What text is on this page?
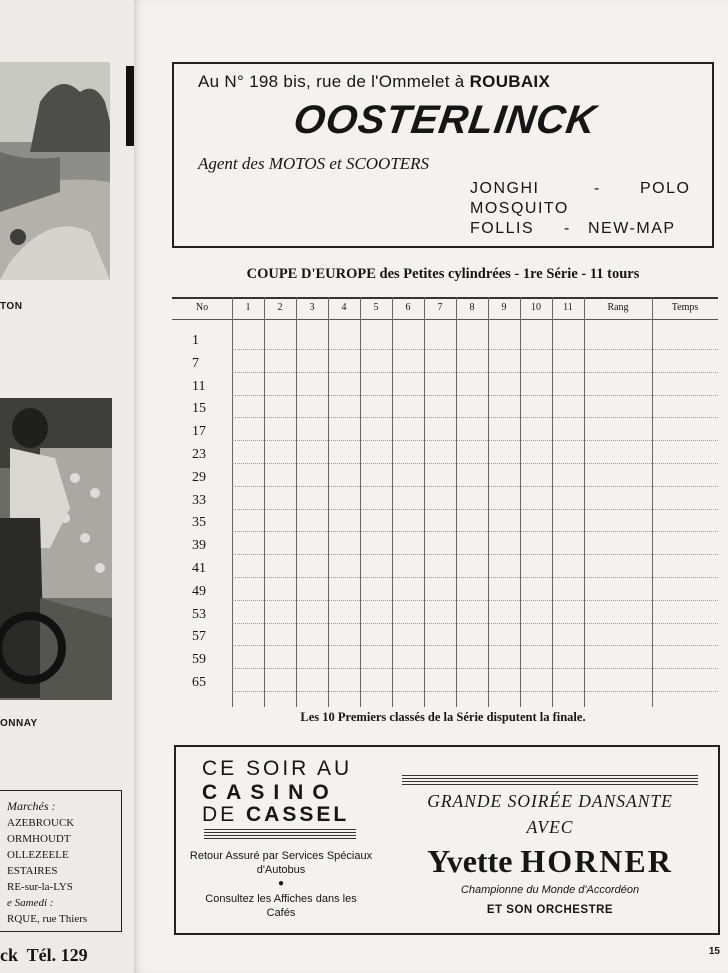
TON
ONNAY
Marchés :
AZEBROUCK
ORMHOUDT
OLLEZEELE
ESTAIRES
RE-sur-la-LYS
e Samedi :
RQUE, rue Thiers
ck  Tél. 129
Au N° 198 bis, rue de l'Ommelet à ROUBAIX
OOSTERLINCK
Agent des MOTOS et SCOOTERS
JONGHI	- POLO
MOSQUITO
FOLLIS - NEW-MAP
COUPE D'EUROPE des Petites cylindrées - 1re Série - 11 tours
No	1	2	3	4	5	6	7	8	9	10	11	Rang	Temps
1
7
11
15
17
23
29
33
35
39
41
49
53
57
59
65
Les 10 Premiers classés de la Série disputent la finale.
CE SOIR AU
CASINO
DE CASSEL
Retour Assuré par Services Spéciaux d'Autobus
●
Consultez les Affiches dans les Cafés
GRANDE SOIRÉE DANSANTE
AVEC
Yvette HORNER
Championne du Monde d'Accordéon
ET SON ORCHESTRE
15
